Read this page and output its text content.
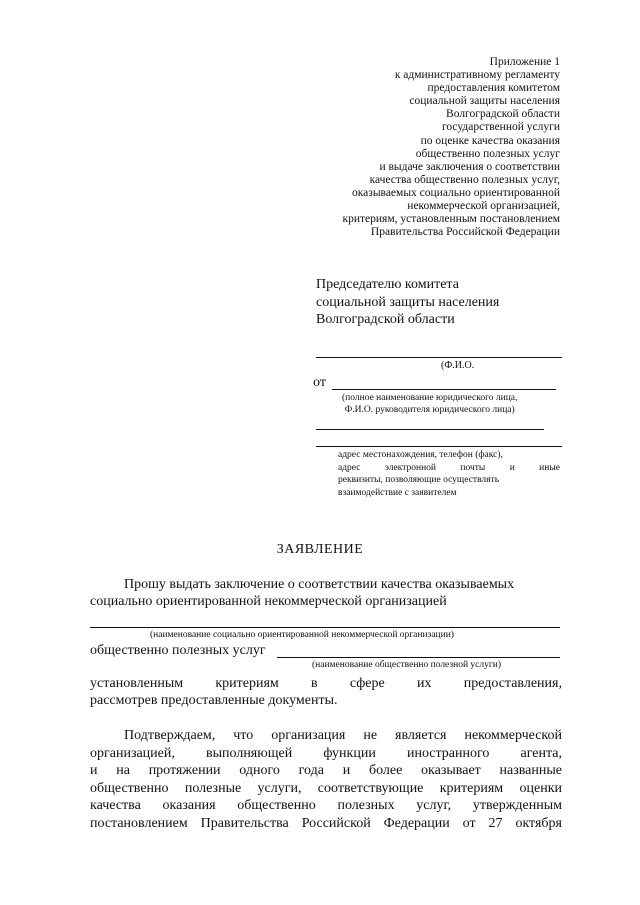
Приложение 1
к административному регламенту
предоставления комитетом
социальной защиты населения
Волгоградской области
государственной услуги
по оценке качества оказания
общественно полезных услуг
и выдаче заключения о соответствии
качества общественно полезных услуг,
оказываемых социально ориентированной
некоммерческой организацией,
критериям, установленным постановлением
Правительства Российской Федерации
Председателю комитета
социальной защиты населения
Волгоградской области
(Ф.И.О.
от
(полное наименование юридического лица,
Ф.И.О. руководителя юридического лица)
адрес местонахождения, телефон (факс),
адрес	электронной	почты	и	иные
реквизиты, позволяющие осуществлять
взаимодействие с заявителем
ЗАЯВЛЕНИЕ
Прошу выдать заключение о соответствии качества оказываемых
социально ориентированной некоммерческой организацией
(наименование социально ориентированной некоммерческой организации)
общественно полезных услуг
(наименование общественно полезной услуги)
установленным критериям в сфере их предоставления,
рассмотрев предоставленные документы.
Подтверждаем, что организация не является некоммерческой
организацией, выполняющей функции иностранного агента,
и на протяжении одного года и более оказывает названные
общественно полезные услуги, соответствующие критериям оценки
качества оказания общественно полезных услуг, утвержденным
постановлением Правительства Российской Федерации от 27 октября
